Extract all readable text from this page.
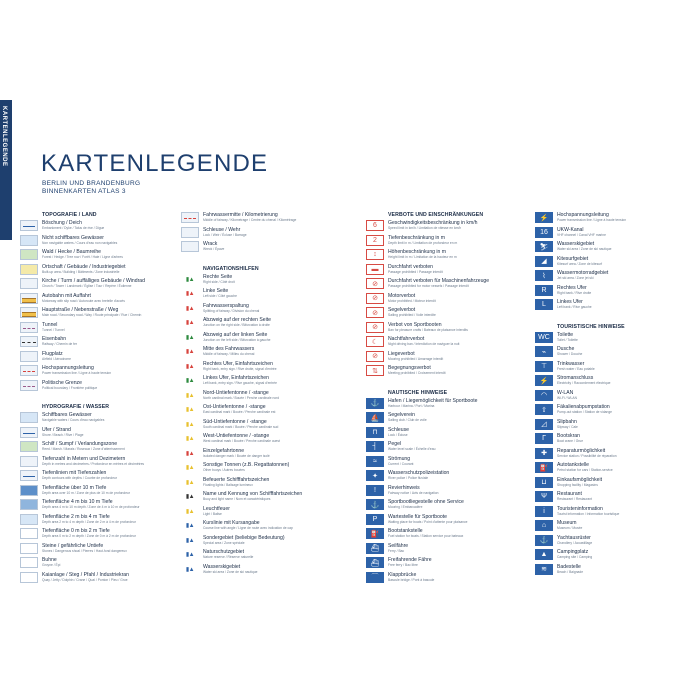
KARTENLEGENDE KARTENLEGENDE
BERLIN UND BRANDENBURG
BINNENKARTEN ATLAS 3
TOPOGRAFIE / LAND
Böschung / Deich
Embankment / Dyke / Talus de rive / Digue
Nicht schiffbares Gewässer
Non navigable waters / Cours d'eau non navigables
Wald / Hecke / Baumreihe
Forest / Hedge / Tree row / Forêt / Haie / Ligne d'arbres
Ortschaft / Gebäude / Industriegebiet
Built-up area / Building / Bâtiments / Zone industrielle
Kirche / Turm / auffälliges Gebäude / Windrad
Church / Tower / Landmark / Église / Tour / Repère / Éolienne
Autobahn mit Auffahrt
Motorway with slip road / Autoroute avec bretelle d'accès
Hauptstraße / Nebenstraße / Weg
Main road / Secondary road / Way / Route principale / Rue / Chemin
Tunnel
Tunnel / Tunnel
Eisenbahn
Railway / Chemin de fer
Flugplatz
Airfield / Aérodrome
Hochspannungsleitung
Power transmission line / Ligne à haute tension
Politische Grenze
Political boundary / Frontière politique
HYDROGRAFIE / WASSER
Schiffbares Gewässer
Navigable waters / Cours d'eau navigables
Ufer / Strand
Shore / Beach / Rive / Plage
Schilf / Sumpf / Verlandungszone
Reed / Marsh / Marais / Roseaux / Zone d'atterrissement
Tiefenzahl in Metern und Dezimetern
Depth in metres and decimetres / Profondeur en mètres et décimètres
Tiefenlinien mit Tiefenzahlen
Depth contours with depths / Courbe de profondeur
Tiefenfläche über 10 m Tiefe
Depth area over 10 m / Zone de plus de 10 m de profondeur
Tiefenfläche 4 m bis 10 m Tiefe
Depth area 4 m to 10 m depth / Zone de 4 m à 10 m de profondeur
Tiefenfläche 2 m bis 4 m Tiefe
Depth area 2 m to 4 m depth / Zone de 2 m à 4 m de profondeur
Tiefenfläche 0 m bis 2 m Tiefe
Depth area 0 m to 2 m depth / Zone de 0 m à 2 m de profondeur
Steine / gefährliche Untiefe
Stones / Dangerous shoal / Pierres / Haut-fond dangereux
Buhne
Groyne / Épi
Kaianlage / Steg / Pfahl / Industriekran
Quay / Jetty / Dolphin / Crane / Quai / Ponton / Pieu / Grue
Fahrwassermitte / Kilometrierung
Middle of fairway / Kilometrage / Centre du chenal / Kilométrage
Schleuse / Wehr
Lock / Weir / Écluse / Barrage
Wrack
Wreck / Épave
NAVIGATIONSHILFEN
▮▲ Rechte Seite
Right side / Côté droit
▮▲ Linke Seite
Left side / Côté gauche
▮▲ Fahrwasserspaltung
Splitting of fairway / Division du chenal
▮▲ Abzweig auf der rechten Seite
Junction on the right side / Bifurcation à droite
▮▲ Abzweig auf der linken Seite
Junction on the left side / Bifurcation à gauche
▮▲ Mitte des Fahrwassers
Middle of fairway / Milieu du chenal
▮▲ Rechtes Ufer, Einfahrtszeichen
Right bank, entry sign / Rive droite, signal d'entrée
▮▲ Linkes Ufer, Einfahrtszeichen
Left bank, entry sign / Rive gauche, signal d'entrée
▮▲ Nord-Untiefentonne / -stange
North cardinal mark / Bouée / Perche cardinale nord
▮▲ Ost-Untiefentonne / -stange
East cardinal mark / Bouée / Perche cardinale est
▮▲ Süd-Untiefentonne / -stange
South cardinal mark / Bouée / Perche cardinale sud
▮▲ West-Untiefentonne / -stange
West cardinal mark / Bouée / Perche cardinale ouest
▮▲ Einzelgefahrtonne
Isolated danger mark / Bouée de danger isolé
▮▲ Sonstige Tonnen (z.B. Regattatonnen)
Other buoys / Autres bouées
▮▲ Befeuerte Schifffahrtszeichen
Floating lights / Balisage lumineux
▮▲ Name und Kennung von Schifffahrtszeichen
Buoy and light name / Nom et caractéristiques
▮▲ Leuchtfeuer
Light / Balise
▮▲ Kurslinie mit Kursangabe
Course line with angle / Ligne de route avec indication de cap
▮▲ Sondergebiet (beliebige Bedeutung)
Special area / Zone spéciale
▮▲ Naturschutzgebiet
Nature reserve / Réserve naturelle
▮▲ Wasserskigebiet
Water ski area / Zone de ski nautique
VERBOTE UND EINSCHRÄNKUNGEN
6 Geschwindigkeitsbeschränkung in km/h
Speed limit in km/h / Limitation de vitesse en km/h
2 Tiefenbeschränkung in m
Depth limit in m / Limitation de profondeur en m
↕ Höhenbeschränkung in m
Height limit in m / Limitation de la hauteur en m
▬ Durchfahrt verboten
Passage prohibited / Passage interdit
⊘ Durchfahrt verboten für Maschinenfahrzeuge
Passage prohibited for motor vessels / Passage interdit
⊘ Motorverbot
Motor prohibited / Moteur interdit
⊘ Segelverbot
Sailing prohibited / Voile interdite
⊘ Verbot von Sportbooten
Ban for pleasure crafts / Bateaux de plaisance interdits
☾ Nachtfahrverbot
Night driving ban / Interdiction de naviguer la nuit
⊘ Liegeverbot
Mooring prohibited / Amarrage interdit
⇅ Begegnungsverbot
Meeting prohibited / Croisement interdit
NAUTISCHE HINWEISE
⚓ Hafen / Liegemöglichkeit für Sportboote
Harbour / Marina / Port / Marina
⛵ Segelverein
Sailing club / Club de voile
⊓ Schleuse
Lock / Écluse
┤ Pegel
Water level scale / Échelle d'eau
≈ Strömung
Current / Courant
✦ Wasserschutzpolizeistation
River police / Police fluviale
! Revierhinweis
Fairway notice / Avis de navigation
⚓ Sportbootliegestelle ohne Service
Mooring / Embarcadère
P Wartestelle für Sportboote
Waiting place for boats / Point d'attente pour plaisance
⛽ Bootstankstelle
Fuel station for boats / Station service pour bateaux
⛴ Seilfähre
Ferry / Bac
⛴ Freifahrende Fähre
Free ferry / Bac libre
⌒ Klappbrücke
Bascule bridge / Pont à bascule
⚡ Hochspannungsleitung
Power transmission line / Ligne à haute tension
16 UKW-Kanal
VHF channel / Canal VHF marine
⛷ Wasserskigebiet
Water ski area / Zone de ski nautique
◢ Kitesurfgebiet
Kitesurf area / Zone de kitesurf
⌇ Wassermotorradgebiet
Jet ski area / Zone jet ski
R Rechtes Ufer
Right bank / Rive droite
L Linkes Ufer
Left bank / Rive gauche
TOURISTISCHE HINWEISE
WC Toilette
Toilet / Toilette
⌁ Dusche
Shower / Douche
⊤ Trinkwasser
Fresh water / Eau potable
⚡ Stromanschluss
Electricity / Raccordement électrique
◠ W-LAN
Wi-Fi / WLAN
⇧ Fäkalienabpumpstation
Pump-out station / Station de vidange
◿ Slipbahn
Slipway / Cale
Γ Bootskran
Boat crane / Grue
✚ Reparaturmöglichkeit
Service station / Possibilité de réparation
⛽ Autotankstelle
Petrol station for cars / Station-service
⊔ Einkaufsmöglichkeit
Shopping facility / Magasins
Ψ Restaurant
Restaurant / Restaurant
i Touristeninformation
Tourist information / Information touristique
⌂ Museum
Museum / Musée
⚓ Yachtausrüster
Chandlery / Accastillage
▲ Campingplatz
Camping site / Camping
≋ Badestelle
Beach / Baignade
